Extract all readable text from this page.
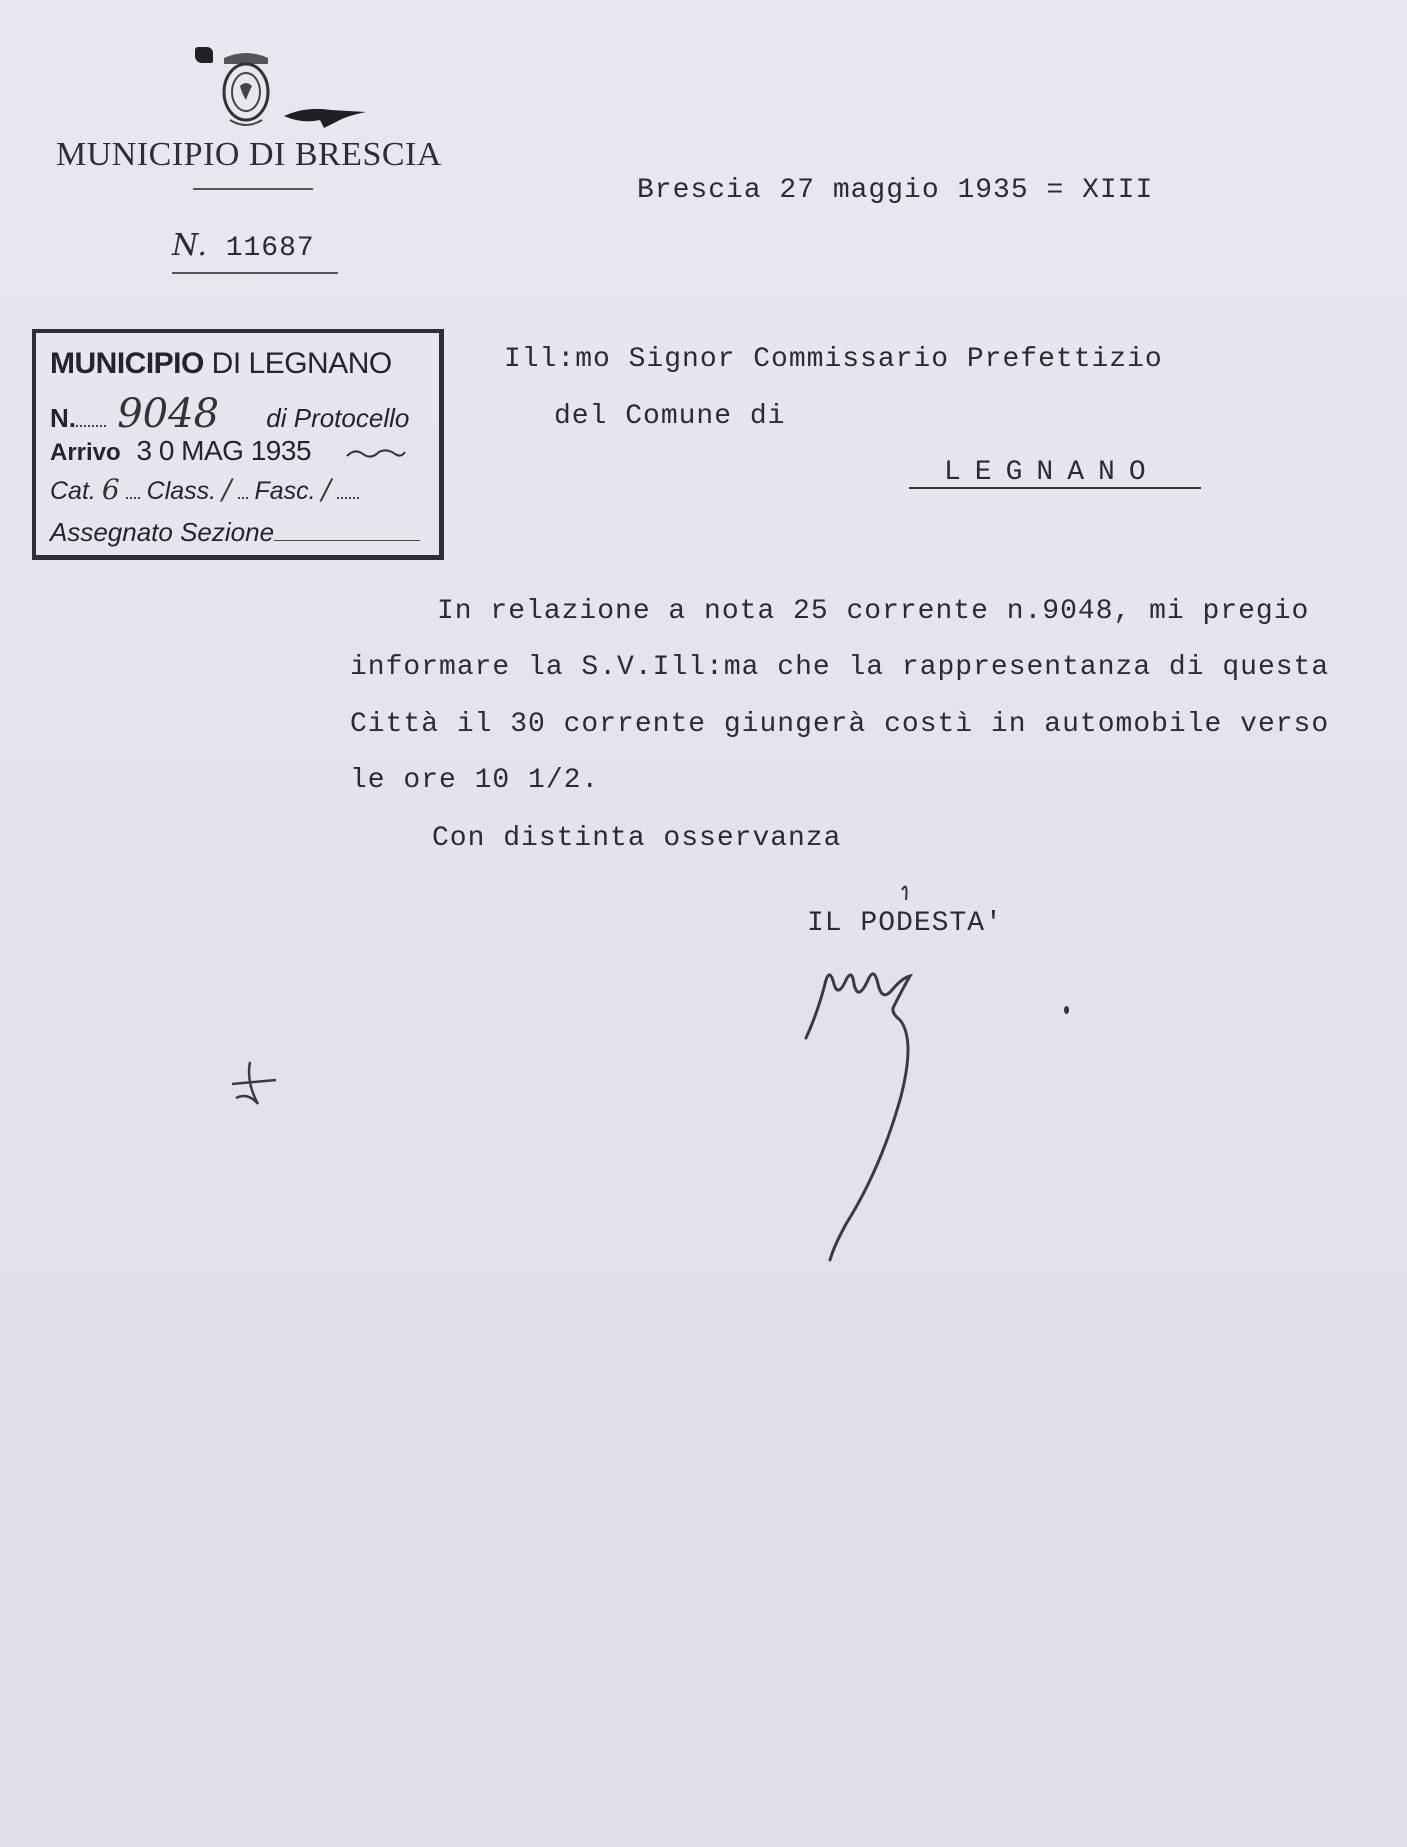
MUNICIPIO DI BRESCIA
N. 11687
Brescia 27 maggio 1935 = XIII
MUNICIPIO DI LEGNANO
N. 9048 di Protocello
Arrivo 3 0 MAG 1935
Cat. 6 Class. / Fasc. /
Assegnato Sezione
Ill:mo Signor Commissario Prefettizio
del Comune di
LEGNANO
In relazione a nota 25 corrente n.9048, mi pregio
informare la S.V.Ill:ma che la rappresentanza di questa
Città il 30 corrente giungerà costì in automobile verso
le ore 10 1/2.
Con distinta osservanza
IL PODESTA'
